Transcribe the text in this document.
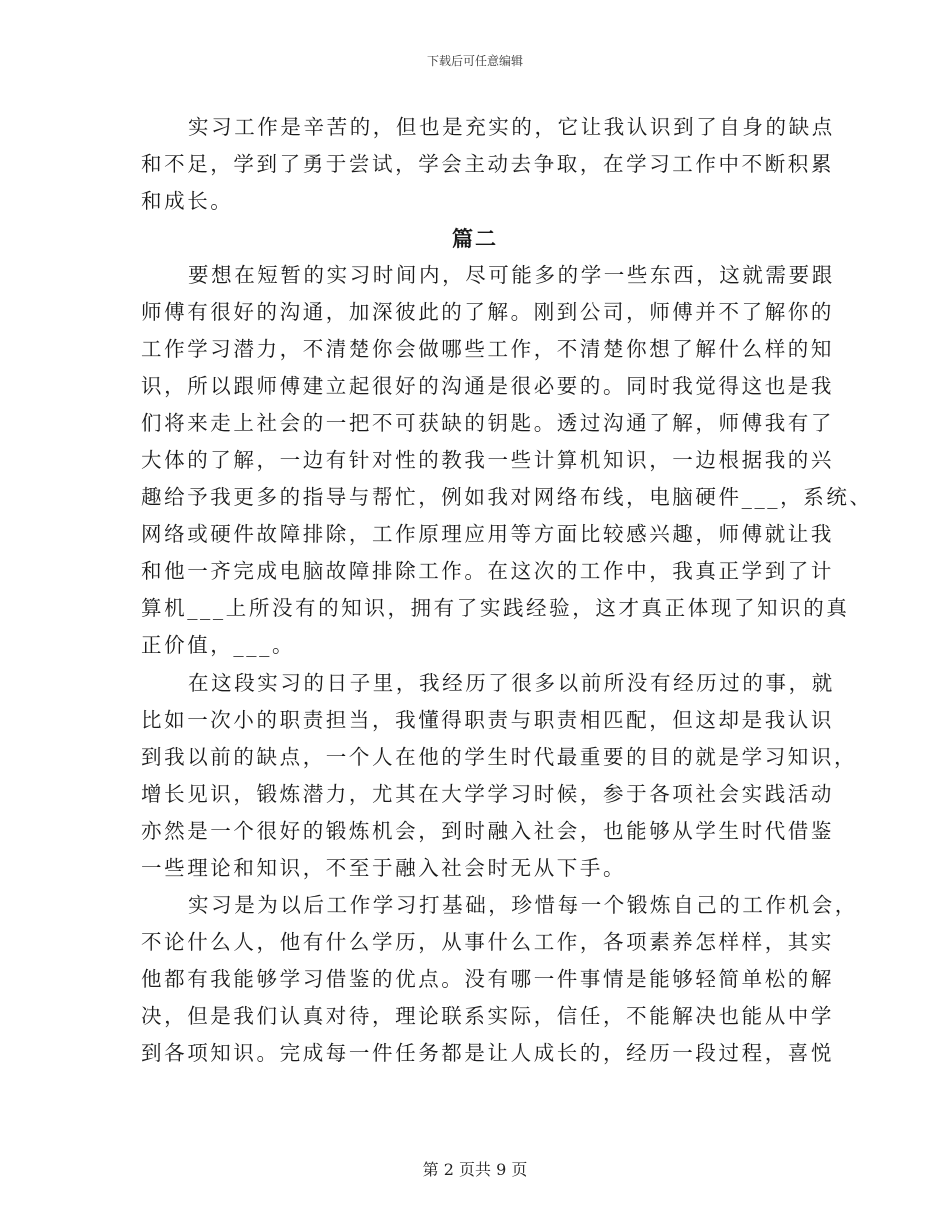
下载后可任意编辑
实习工作是辛苦的，但也是充实的，它让我认识到了自身的缺点
和不足，学到了勇于尝试，学会主动去争取，在学习工作中不断积累
和成长。
篇二
要想在短暂的实习时间内，尽可能多的学一些东西，这就需要跟
师傅有很好的沟通，加深彼此的了解。刚到公司，师傅并不了解你的
工作学习潜力，不清楚你会做哪些工作，不清楚你想了解什么样的知
识，所以跟师傅建立起很好的沟通是很必要的。同时我觉得这也是我
们将来走上社会的一把不可获缺的钥匙。透过沟通了解，师傅我有了
大体的了解，一边有针对性的教我一些计算机知识，一边根据我的兴
趣给予我更多的指导与帮忙，例如我对网络布线，电脑硬件___，系统、
网络或硬件故障排除，工作原理应用等方面比较感兴趣，师傅就让我
和他一齐完成电脑故障排除工作。在这次的工作中，我真正学到了计
算机___上所没有的知识，拥有了实践经验，这才真正体现了知识的真
正价值，___。
在这段实习的日子里，我经历了很多以前所没有经历过的事，就
比如一次小的职责担当，我懂得职责与职责相匹配，但这却是我认识
到我以前的缺点，一个人在他的学生时代最重要的目的就是学习知识，
增长见识，锻炼潜力，尤其在大学学习时候，参于各项社会实践活动
亦然是一个很好的锻炼机会，到时融入社会，也能够从学生时代借鉴
一些理论和知识，不至于融入社会时无从下手。
实习是为以后工作学习打基础，珍惜每一个锻炼自己的工作机会，
不论什么人，他有什么学历，从事什么工作，各项素养怎样样，其实
他都有我能够学习借鉴的优点。没有哪一件事情是能够轻简单松的解
决，但是我们认真对待，理论联系实际，信任，不能解决也能从中学
到各项知识。完成每一件任务都是让人成长的，经历一段过程，喜悦
第 2 页共 9 页
